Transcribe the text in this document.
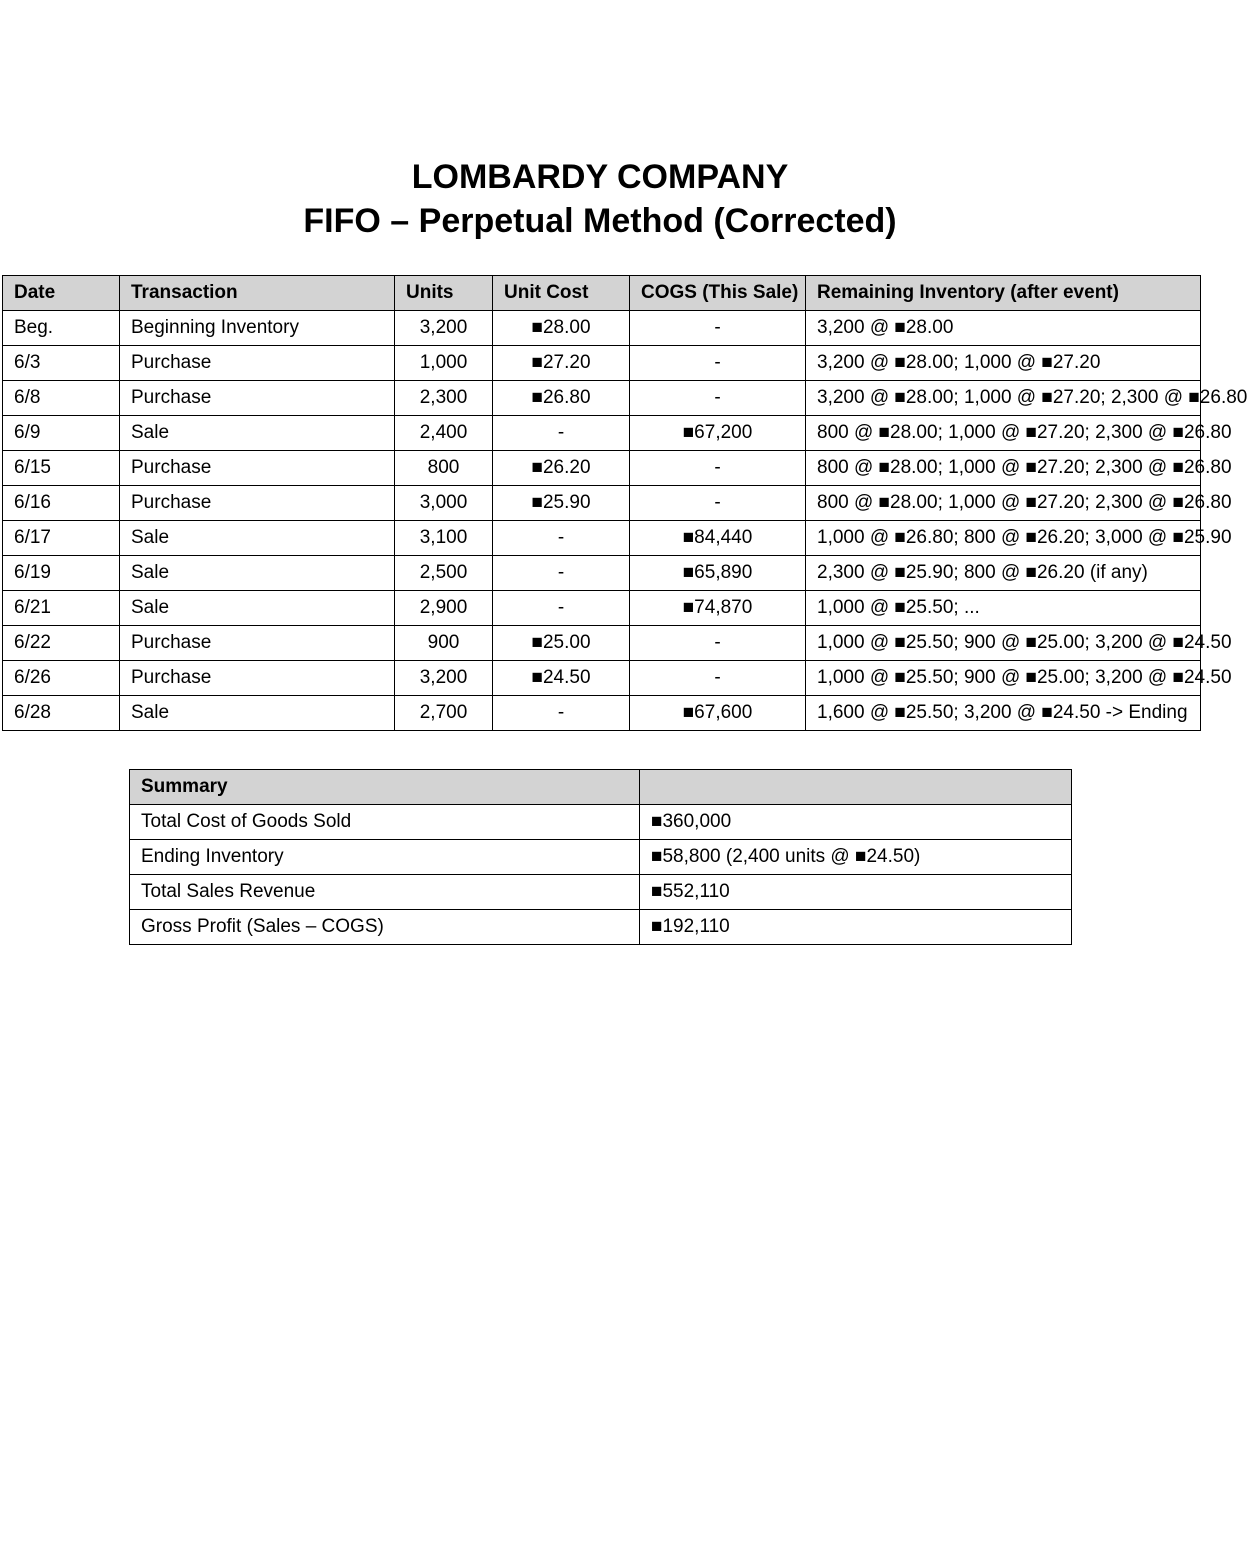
LOMBARDY COMPANY
FIFO – Perpetual Method (Corrected)
Date	Transaction	Units	Unit Cost	COGS (This Sale)	Remaining Inventory (after event)
Beg.	Beginning Inventory	3,200	■28.00	-	3,200 @ ■28.00
6/3	Purchase	1,000	■27.20	-	3,200 @ ■28.00; 1,000 @ ■27.20
6/8	Purchase	2,300	■26.80	-	3,200 @ ■28.00; 1,000 @ ■27.20; 2,300 @ ■26.80
6/9	Sale	2,400	-	■67,200	800 @ ■28.00; 1,000 @ ■27.20; 2,300 @ ■26.80
6/15	Purchase	800	■26.20	-	800 @ ■28.00; 1,000 @ ■27.20; 2,300 @ ■26.80
6/16	Purchase	3,000	■25.90	-	800 @ ■28.00; 1,000 @ ■27.20; 2,300 @ ■26.80
6/17	Sale	3,100	-	■84,440	1,000 @ ■26.80; 800 @ ■26.20; 3,000 @ ■25.90
6/19	Sale	2,500	-	■65,890	2,300 @ ■25.90; 800 @ ■26.20 (if any)
6/21	Sale	2,900	-	■74,870	1,000 @ ■25.50; ...
6/22	Purchase	900	■25.00	-	1,000 @ ■25.50; 900 @ ■25.00; 3,200 @ ■24.50
6/26	Purchase	3,200	■24.50	-	1,000 @ ■25.50; 900 @ ■25.00; 3,200 @ ■24.50
6/28	Sale	2,700	-	■67,600	1,600 @ ■25.50; 3,200 @ ■24.50 -> Ending
Summary	
Total Cost of Goods Sold	■360,000
Ending Inventory	■58,800 (2,400 units @ ■24.50)
Total Sales Revenue	■552,110
Gross Profit (Sales – COGS)	■192,110
